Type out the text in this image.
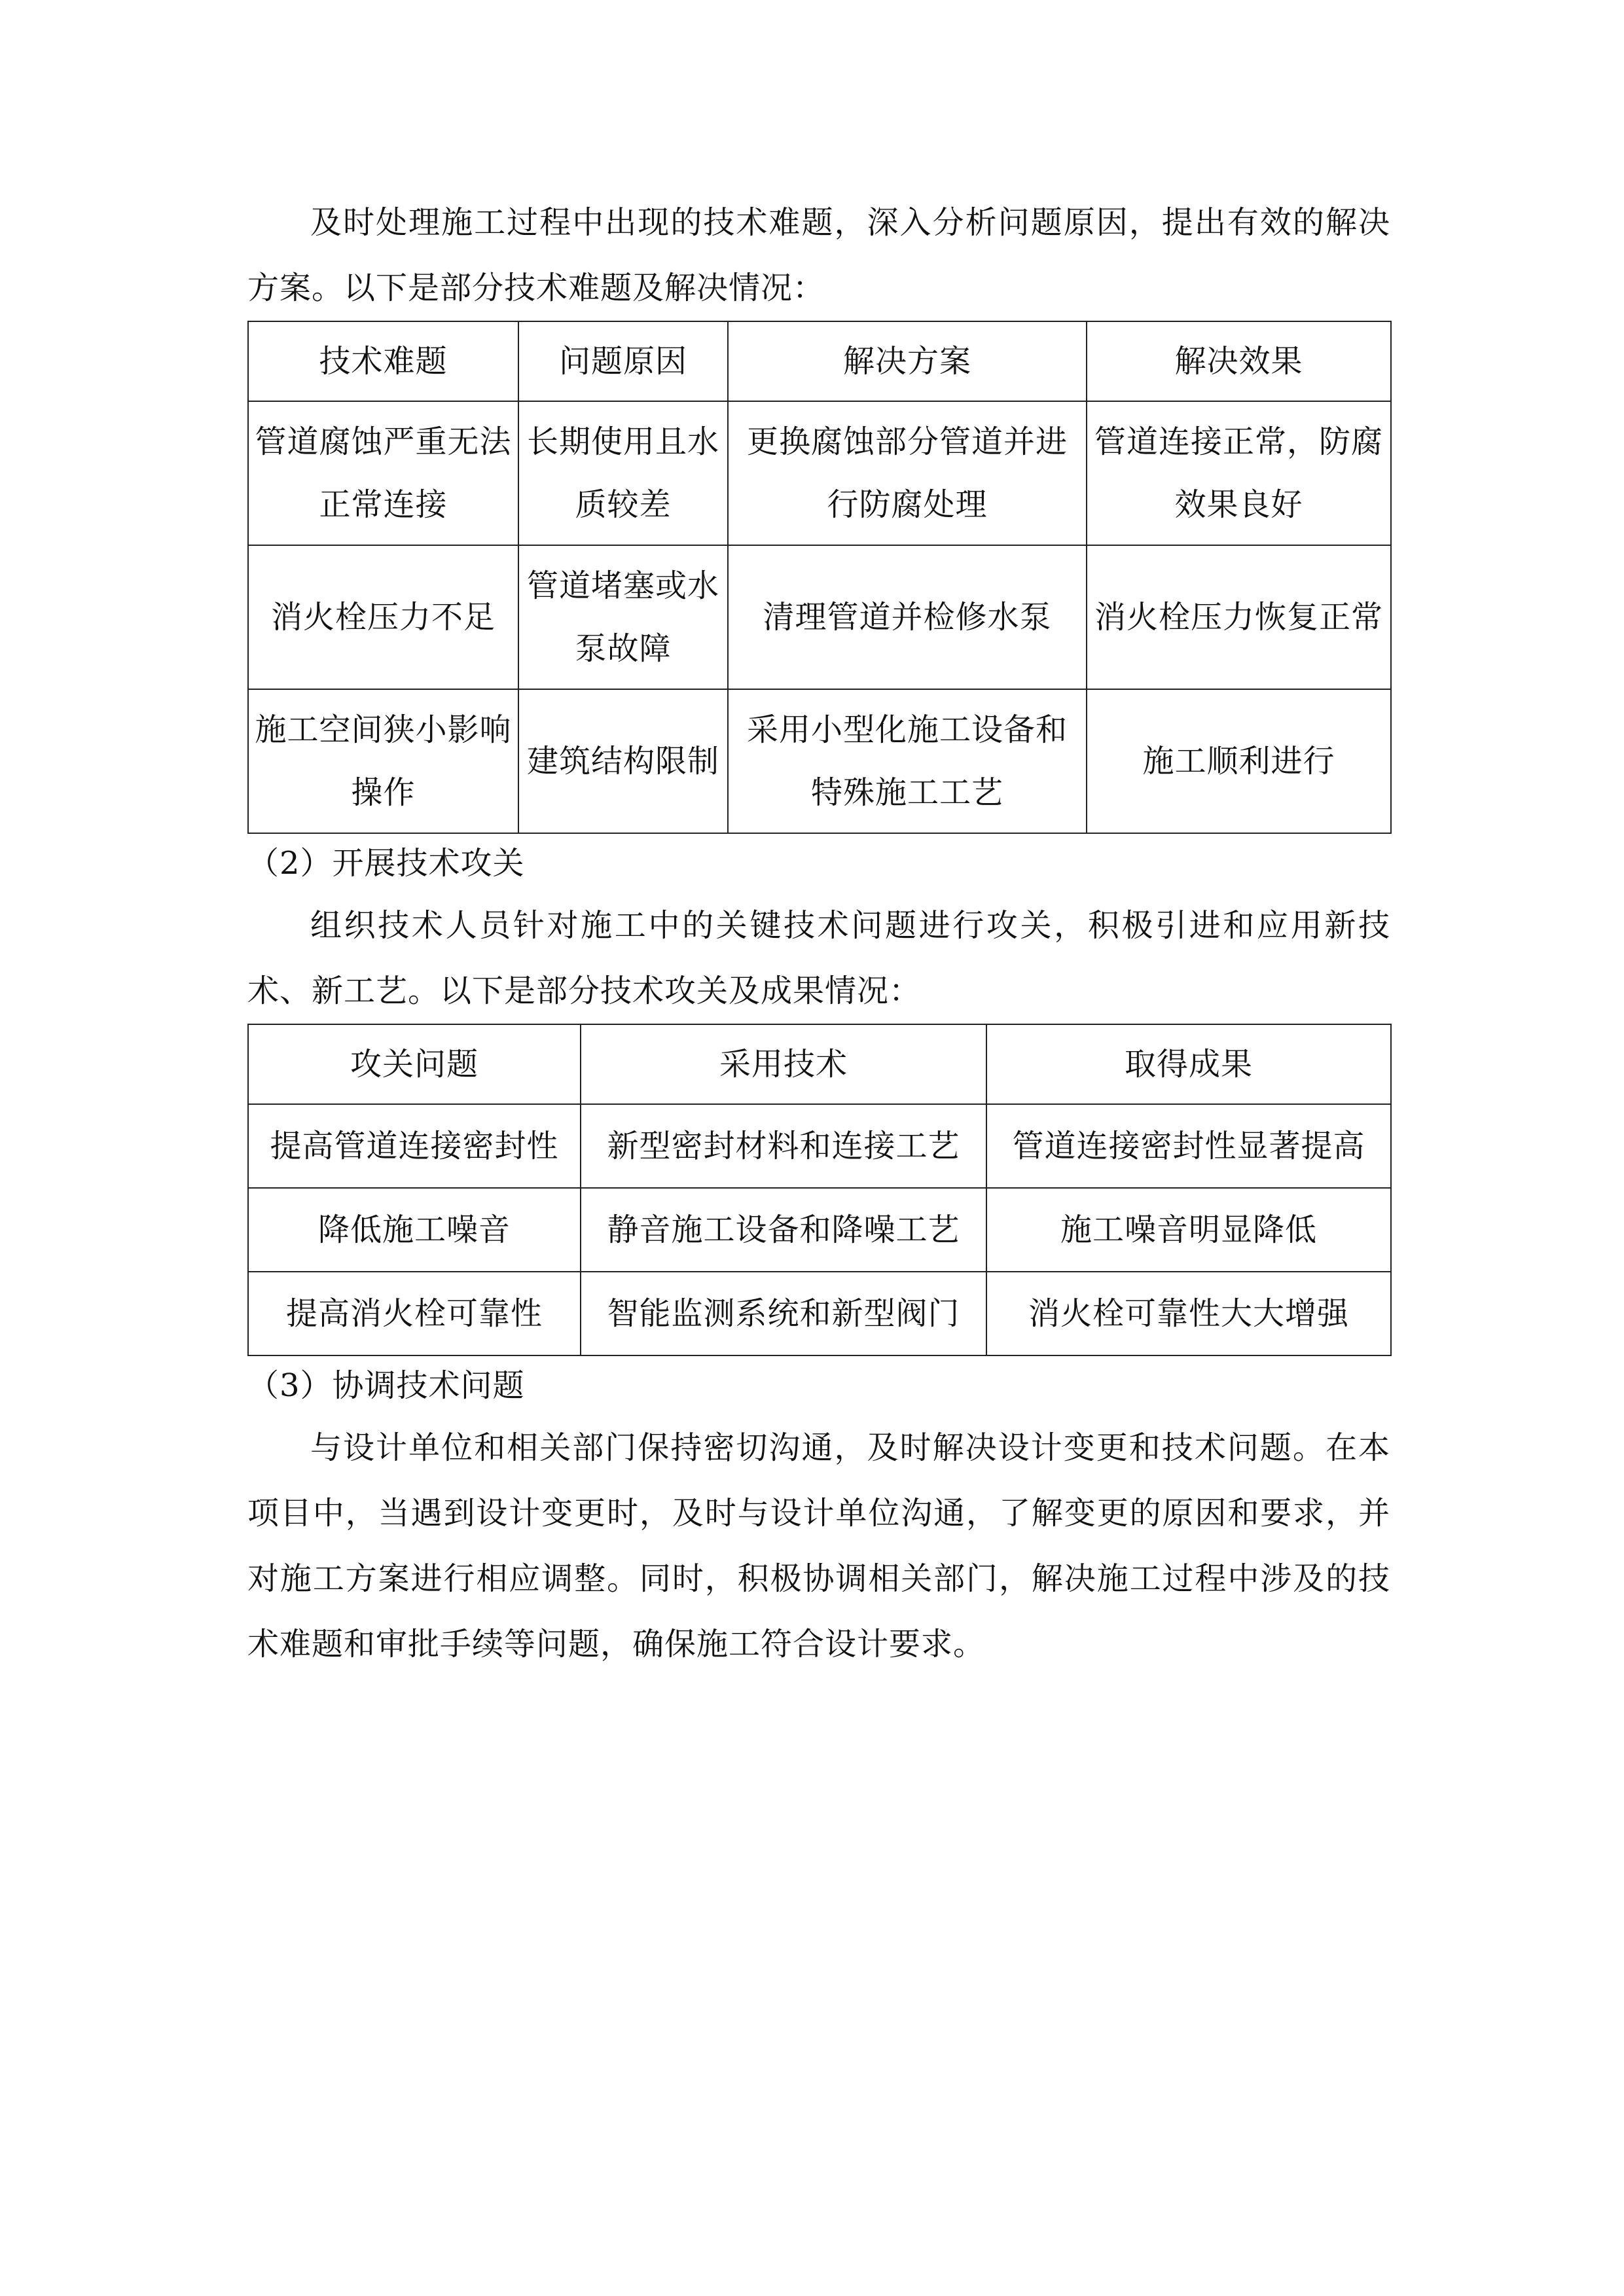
及时处理施工过程中出现的技术难题，深入分析问题原因，提出有效的解决方案。以下是部分技术难题及解决情况：

技术难题	问题原因	解决方案	解决效果
管道腐蚀严重无法正常连接	长期使用且水质较差	更换腐蚀部分管道并进行防腐处理	管道连接正常，防腐效果良好
消火栓压力不足	管道堵塞或水泵故障	清理管道并检修水泵	消火栓压力恢复正常
施工空间狭小影响操作	建筑结构限制	采用小型化施工设备和特殊施工工艺	施工顺利进行

（2）开展技术攻关

组织技术人员针对施工中的关键技术问题进行攻关，积极引进和应用新技术、新工艺。以下是部分技术攻关及成果情况：

攻关问题	采用技术	取得成果
提高管道连接密封性	新型密封材料和连接工艺	管道连接密封性显著提高
降低施工噪音	静音施工设备和降噪工艺	施工噪音明显降低
提高消火栓可靠性	智能监测系统和新型阀门	消火栓可靠性大大增强

（3）协调技术问题

与设计单位和相关部门保持密切沟通，及时解决设计变更和技术问题。在本项目中，当遇到设计变更时，及时与设计单位沟通，了解变更的原因和要求，并对施工方案进行相应调整。同时，积极协调相关部门，解决施工过程中涉及的技术难题和审批手续等问题，确保施工符合设计要求。
